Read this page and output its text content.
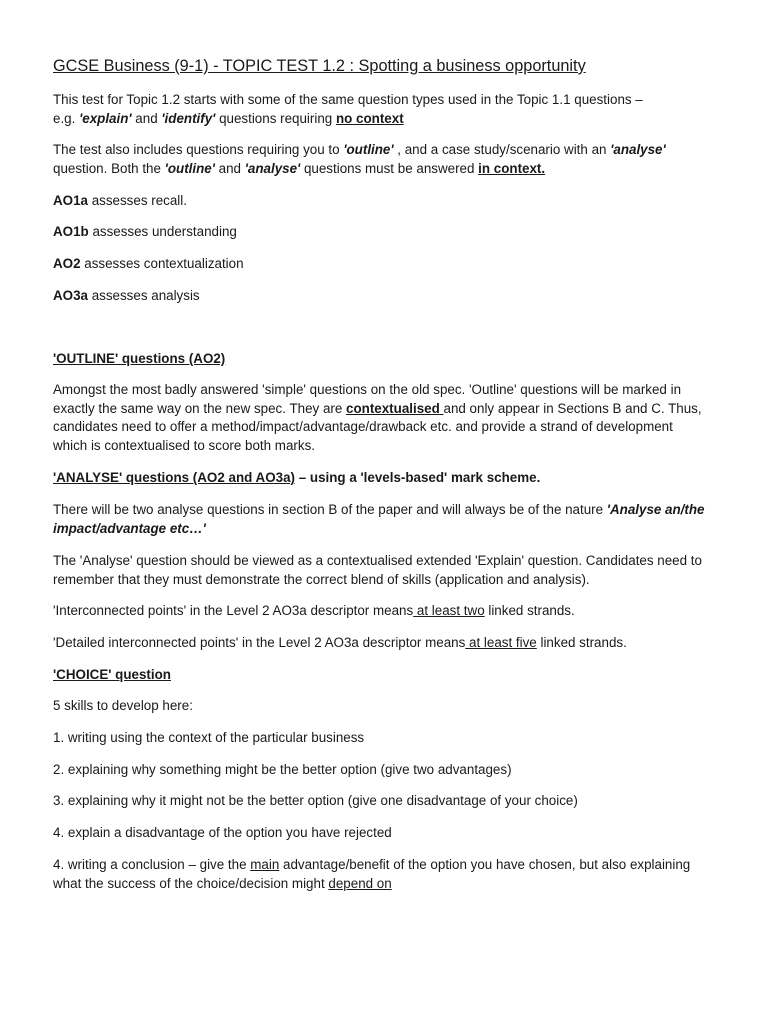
GCSE Business (9-1) - TOPIC TEST 1.2 : Spotting a business opportunity
This test for Topic 1.2 starts with some of the same question types used in the Topic 1.1 questions –
e.g. 'explain' and 'identify' questions requiring no context
The test also includes questions requiring you to 'outline' , and a case study/scenario with an 'analyse'
question. Both the 'outline' and 'analyse' questions must be answered in context.
AO1a assesses recall.
AO1b assesses understanding
AO2 assesses contextualization
AO3a assesses analysis
'OUTLINE' questions (AO2)
Amongst the most badly answered 'simple' questions on the old spec. 'Outline' questions will be marked in
exactly the same way on the new spec. They are contextualised and only appear in Sections B and C. Thus,
candidates need to offer a method/impact/advantage/drawback etc. and provide a strand of development
which is contextualised to score both marks.
'ANALYSE' questions (AO2 and AO3a) – using a 'levels-based' mark scheme.
There will be two analyse questions in section B of the paper and will always be of the nature 'Analyse an/the
impact/advantage etc…'
The 'Analyse' question should be viewed as a contextualised extended 'Explain' question. Candidates need to
remember that they must demonstrate the correct blend of skills (application and analysis).
'Interconnected points' in the Level 2 AO3a descriptor means at least two linked strands.
'Detailed interconnected points' in the Level 2 AO3a descriptor means at least five linked strands.
'CHOICE' question
5 skills to develop here:
1. writing using the context of the particular business
2. explaining why something might be the better option (give two advantages)
3. explaining why it might not be the better option (give one disadvantage of your choice)
4. explain a disadvantage of the option you have rejected
4. writing a conclusion – give the main advantage/benefit of the option you have chosen, but also explaining
what the success of the choice/decision might depend on
